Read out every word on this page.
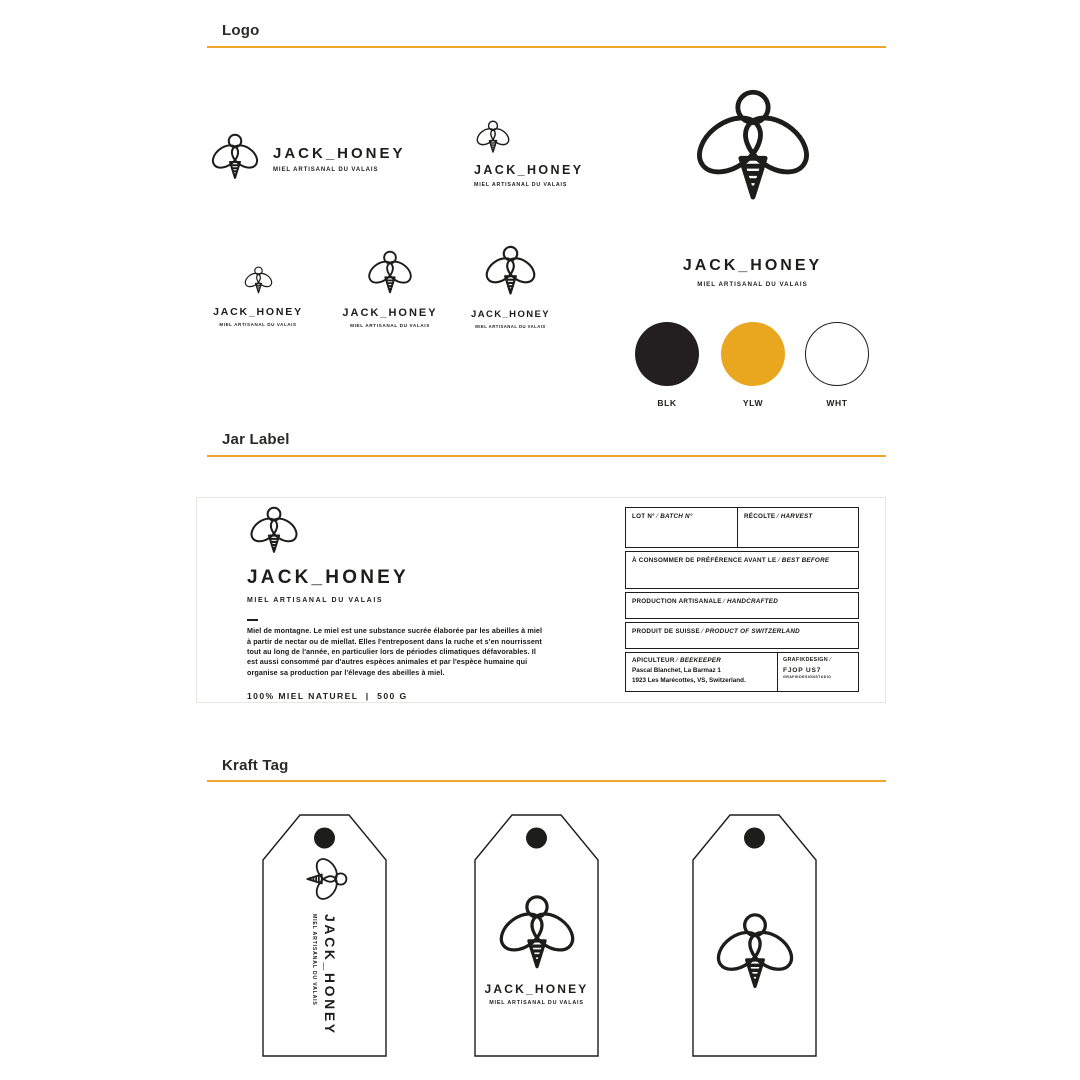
Logo
JACK_HONEY
MIEL ARTISANAL DU VALAIS	JACK_HONEY
MIEL ARTISANAL DU VALAIS
JACK_HONEY
MIEL ARTISANAL DU VALAIS
JACK_HONEY
MIEL ARTISANAL DU VALAIS
JACK_HONEY
MIEL ARTISANAL DU VALAIS
JACK_HONEY
MIEL ARTISANAL DU VALAIS
BLK	YLW	WHT
Jar Label
JACK_HONEY
MIEL ARTISANAL DU VALAIS
Miel de montagne. Le miel est une substance sucrée élaborée par les abeilles à miel à partir de nectar ou de miellat. Elles l'entreposent dans la ruche et s'en nourrissent tout au long de l'année, en particulier lors de périodes climatiques défavorables. Il est aussi consommé par d'autres espèces animales et par l'espèce humaine qui organise sa production par l'élevage des abeilles à miel.
100% MIEL NATUREL  |  500 G
LOT N° ⁄ BATCH N°	RÉCOLTE ⁄ HARVEST
À CONSOMMER DE PRÉFÉRENCE AVANT LE ⁄ BEST BEFORE
PRODUCTION ARTISANALE ⁄ HANDCRAFTED
PRODUIT DE SUISSE ⁄ PRODUCT OF SWITZERLAND
APICULTEUR ⁄ BEEKEEPER
Pascal Blanchet, La Barmaz 1
1923 Les Marécottes, VS, Switzerland.
GRAFIKDESIGN ⁄
FJOP US7
GRAFIKDESIGNSTUDIO
Kraft Tag
JACK_HONEY
MIEL ARTISANAL DU VALAIS	JACK_HONEY
MIEL ARTISANAL DU VALAIS
